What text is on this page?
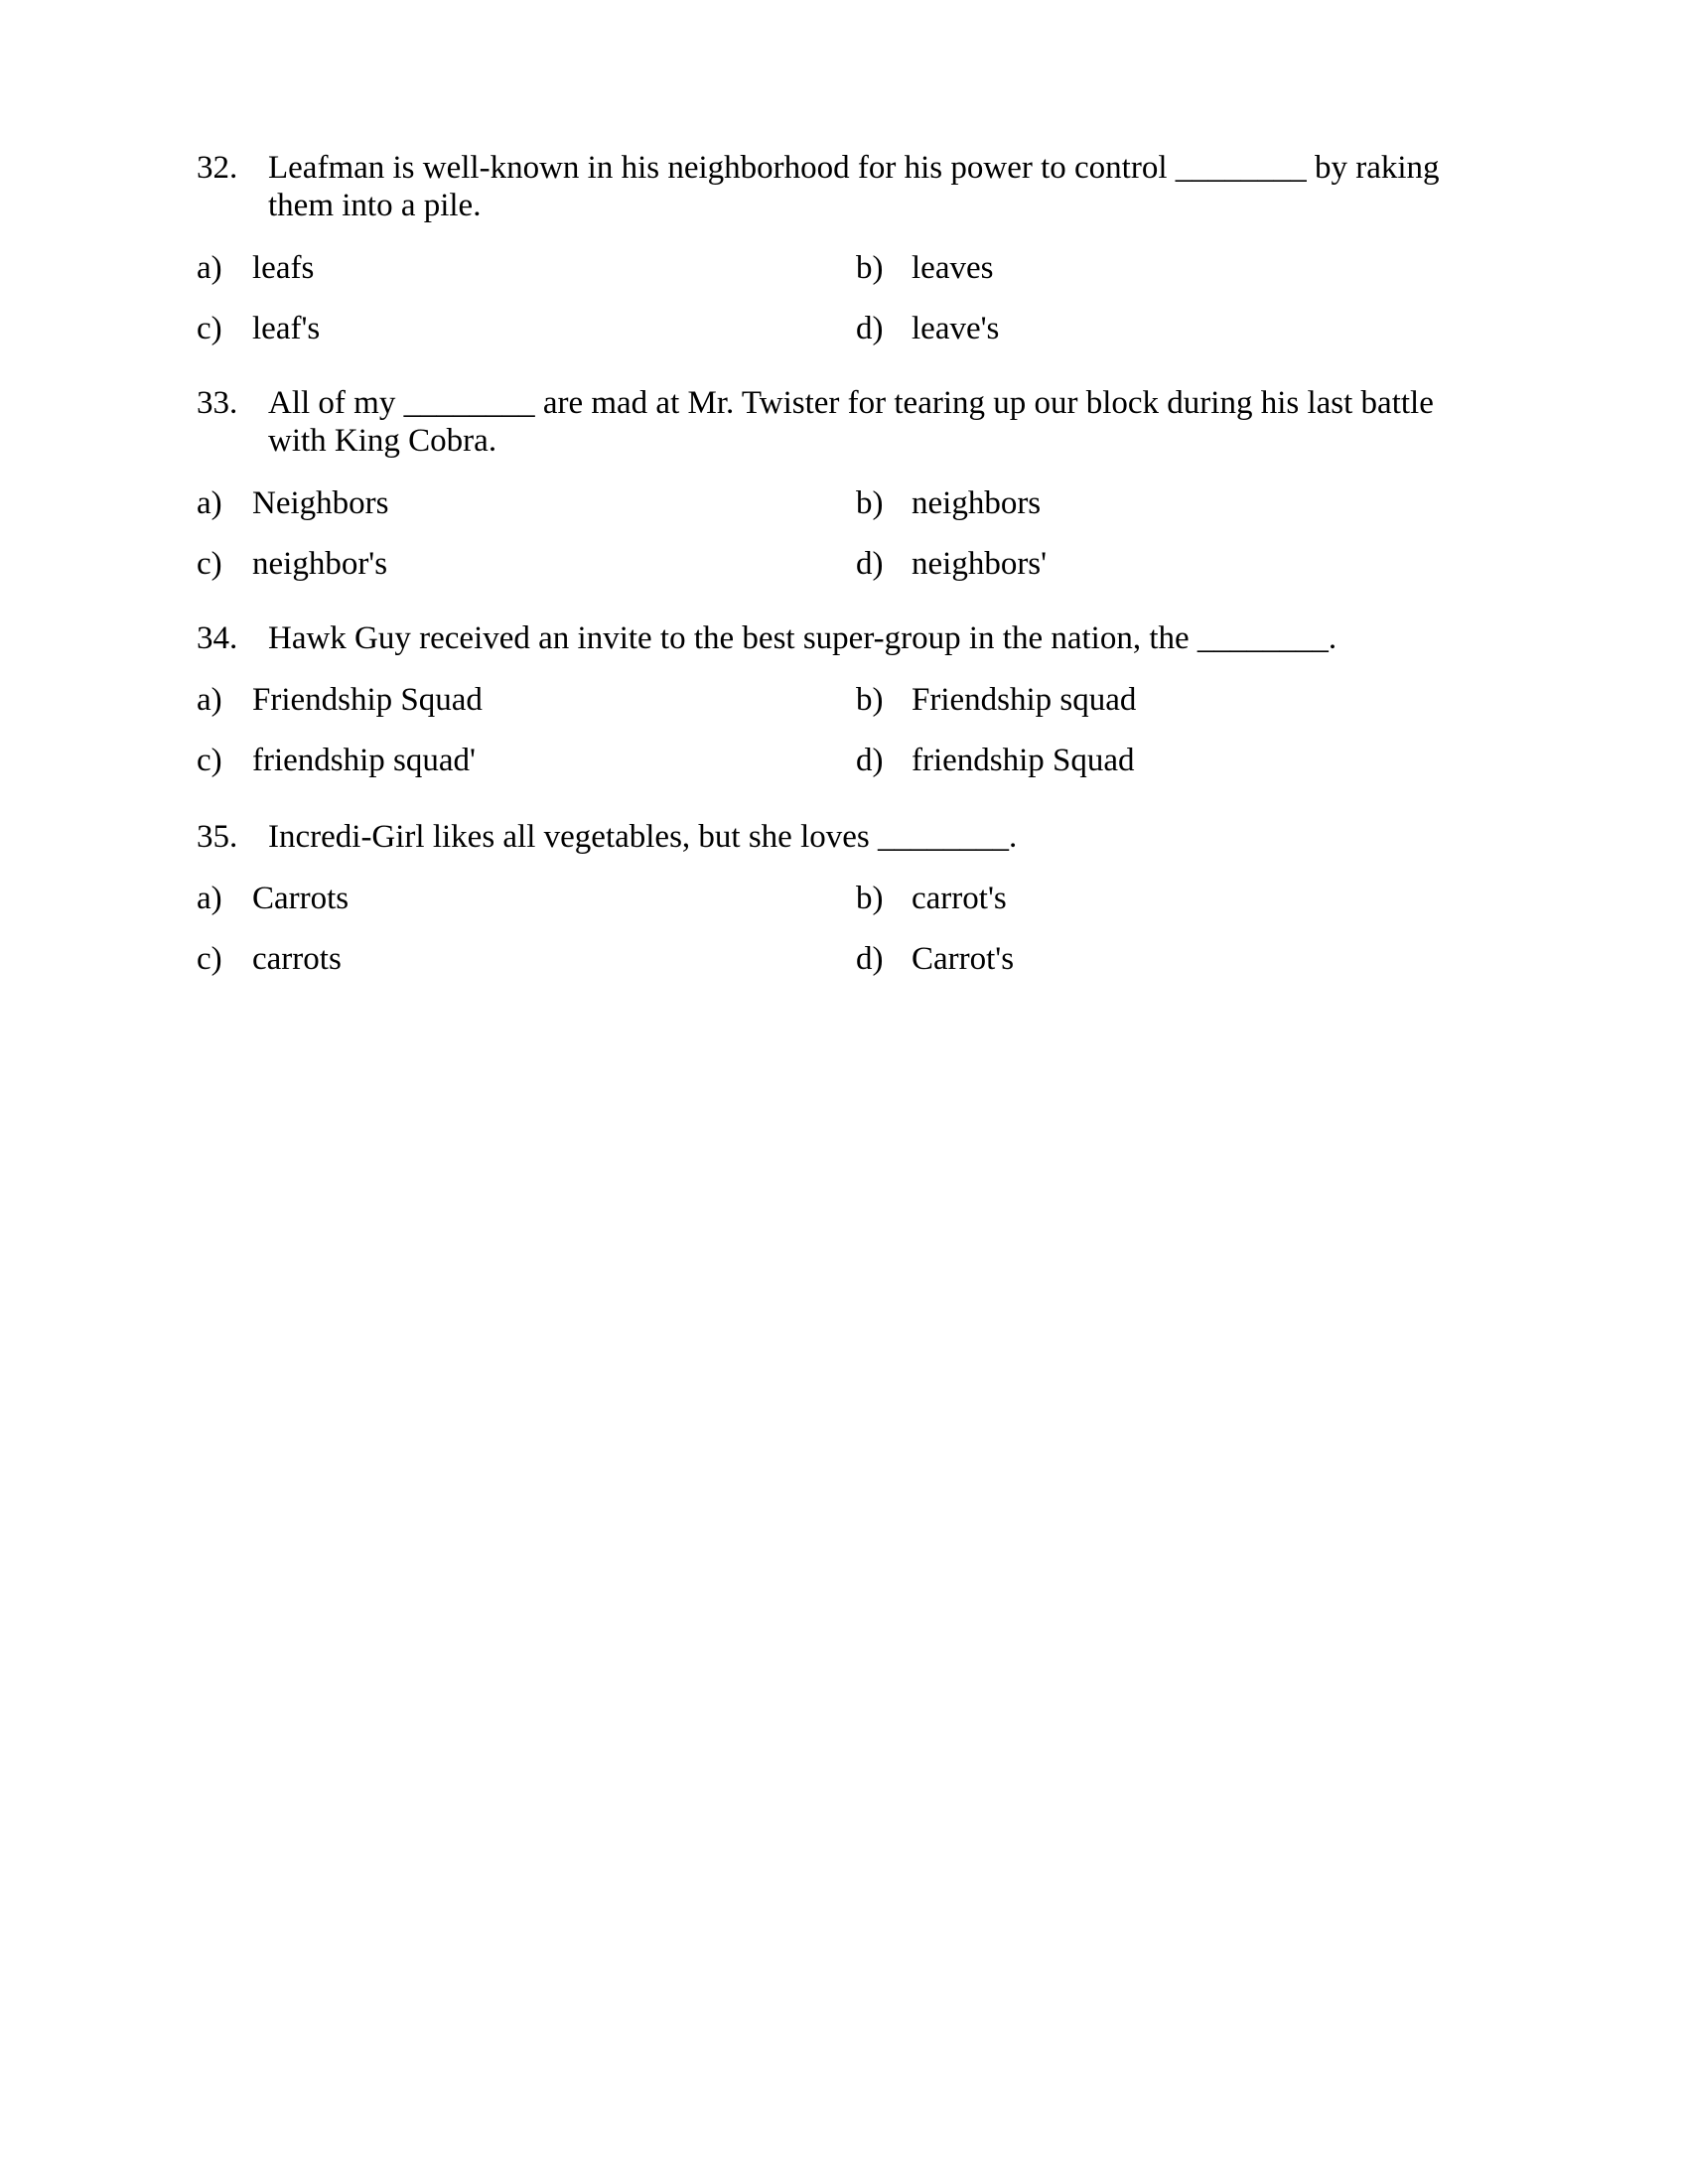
32. Leafman is well-known in his neighborhood for his power to control ________ by raking them into a pile.
a) leafs	b) leaves
c) leaf's	d) leave's
33. All of my ________ are mad at Mr. Twister for tearing up our block during his last battle with King Cobra.
a) Neighbors	b) neighbors
c) neighbor's	d) neighbors'
34. Hawk Guy received an invite to the best super-group in the nation, the ________.
a) Friendship Squad	b) Friendship squad
c) friendship squad'	d) friendship Squad
35. Incredi-Girl likes all vegetables, but she loves ________.
a) Carrots	b) carrot's
c) carrots	d) Carrot's
